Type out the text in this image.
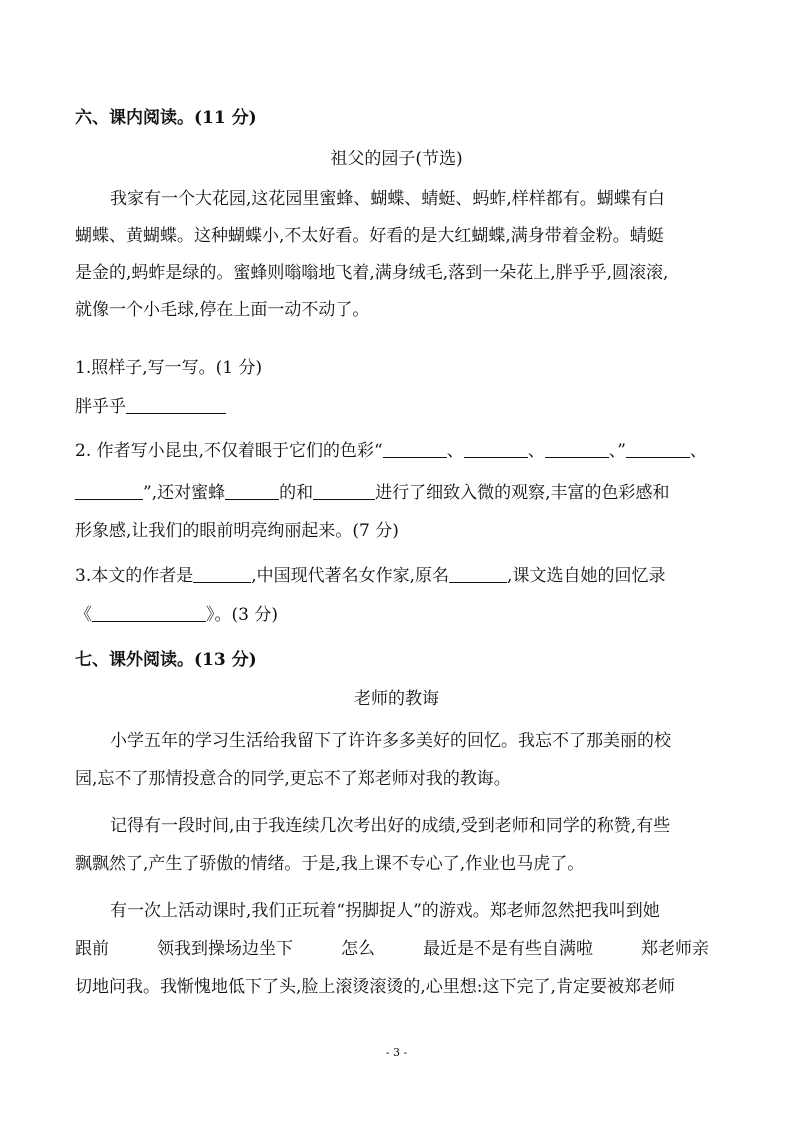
六、课内阅读。(11 分)
祖父的园子(节选)
我家有一个大花园,这花园里蜜蜂、蝴蝶、蜻蜓、蚂蚱,样样都有。蝴蝶有白
蝴蝶、黄蝴蝶。这种蝴蝶小,不太好看。好看的是大红蝴蝶,满身带着金粉。蜻蜓
是金的,蚂蚱是绿的。蜜蜂则嗡嗡地飞着,满身绒毛,落到一朵花上,胖乎乎,圆滚滚,
就像一个小毛球,停在上面一动不动了。
1.照样子,写一写。(1 分)
胖乎乎
2. 作者写小昆虫,不仅着眼于它们的色彩“	、	、	、”	、
”,还对蜜蜂	的和	进行了细致入微的观察,丰富的色彩感和
形象感,让我们的眼前明亮绚丽起来。(7 分)
3.本文的作者是	,中国现代著名女作家,原名	,课文选自她的回忆录
《	》。(3 分)
七、课外阅读。(13 分)
老师的教诲
小学五年的学习生活给我留下了许许多多美好的回忆。我忘不了那美丽的校
园,忘不了那情投意合的同学,更忘不了郑老师对我的教诲。
记得有一段时间,由于我连续几次考出好的成绩,受到老师和同学的称赞,有些
飘飘然了,产生了骄傲的情绪。于是,我上课不专心了,作业也马虎了。
有一次上活动课时,我们正玩着“拐脚捉人”的游戏。郑老师忽然把我叫到她
跟前	领我到操场边坐下	怎么	最近是不是有些自满啦	郑老师亲
切地问我。我惭愧地低下了头,脸上滚烫滚烫的,心里想:这下完了,肯定要被郑老师
- 3 -
